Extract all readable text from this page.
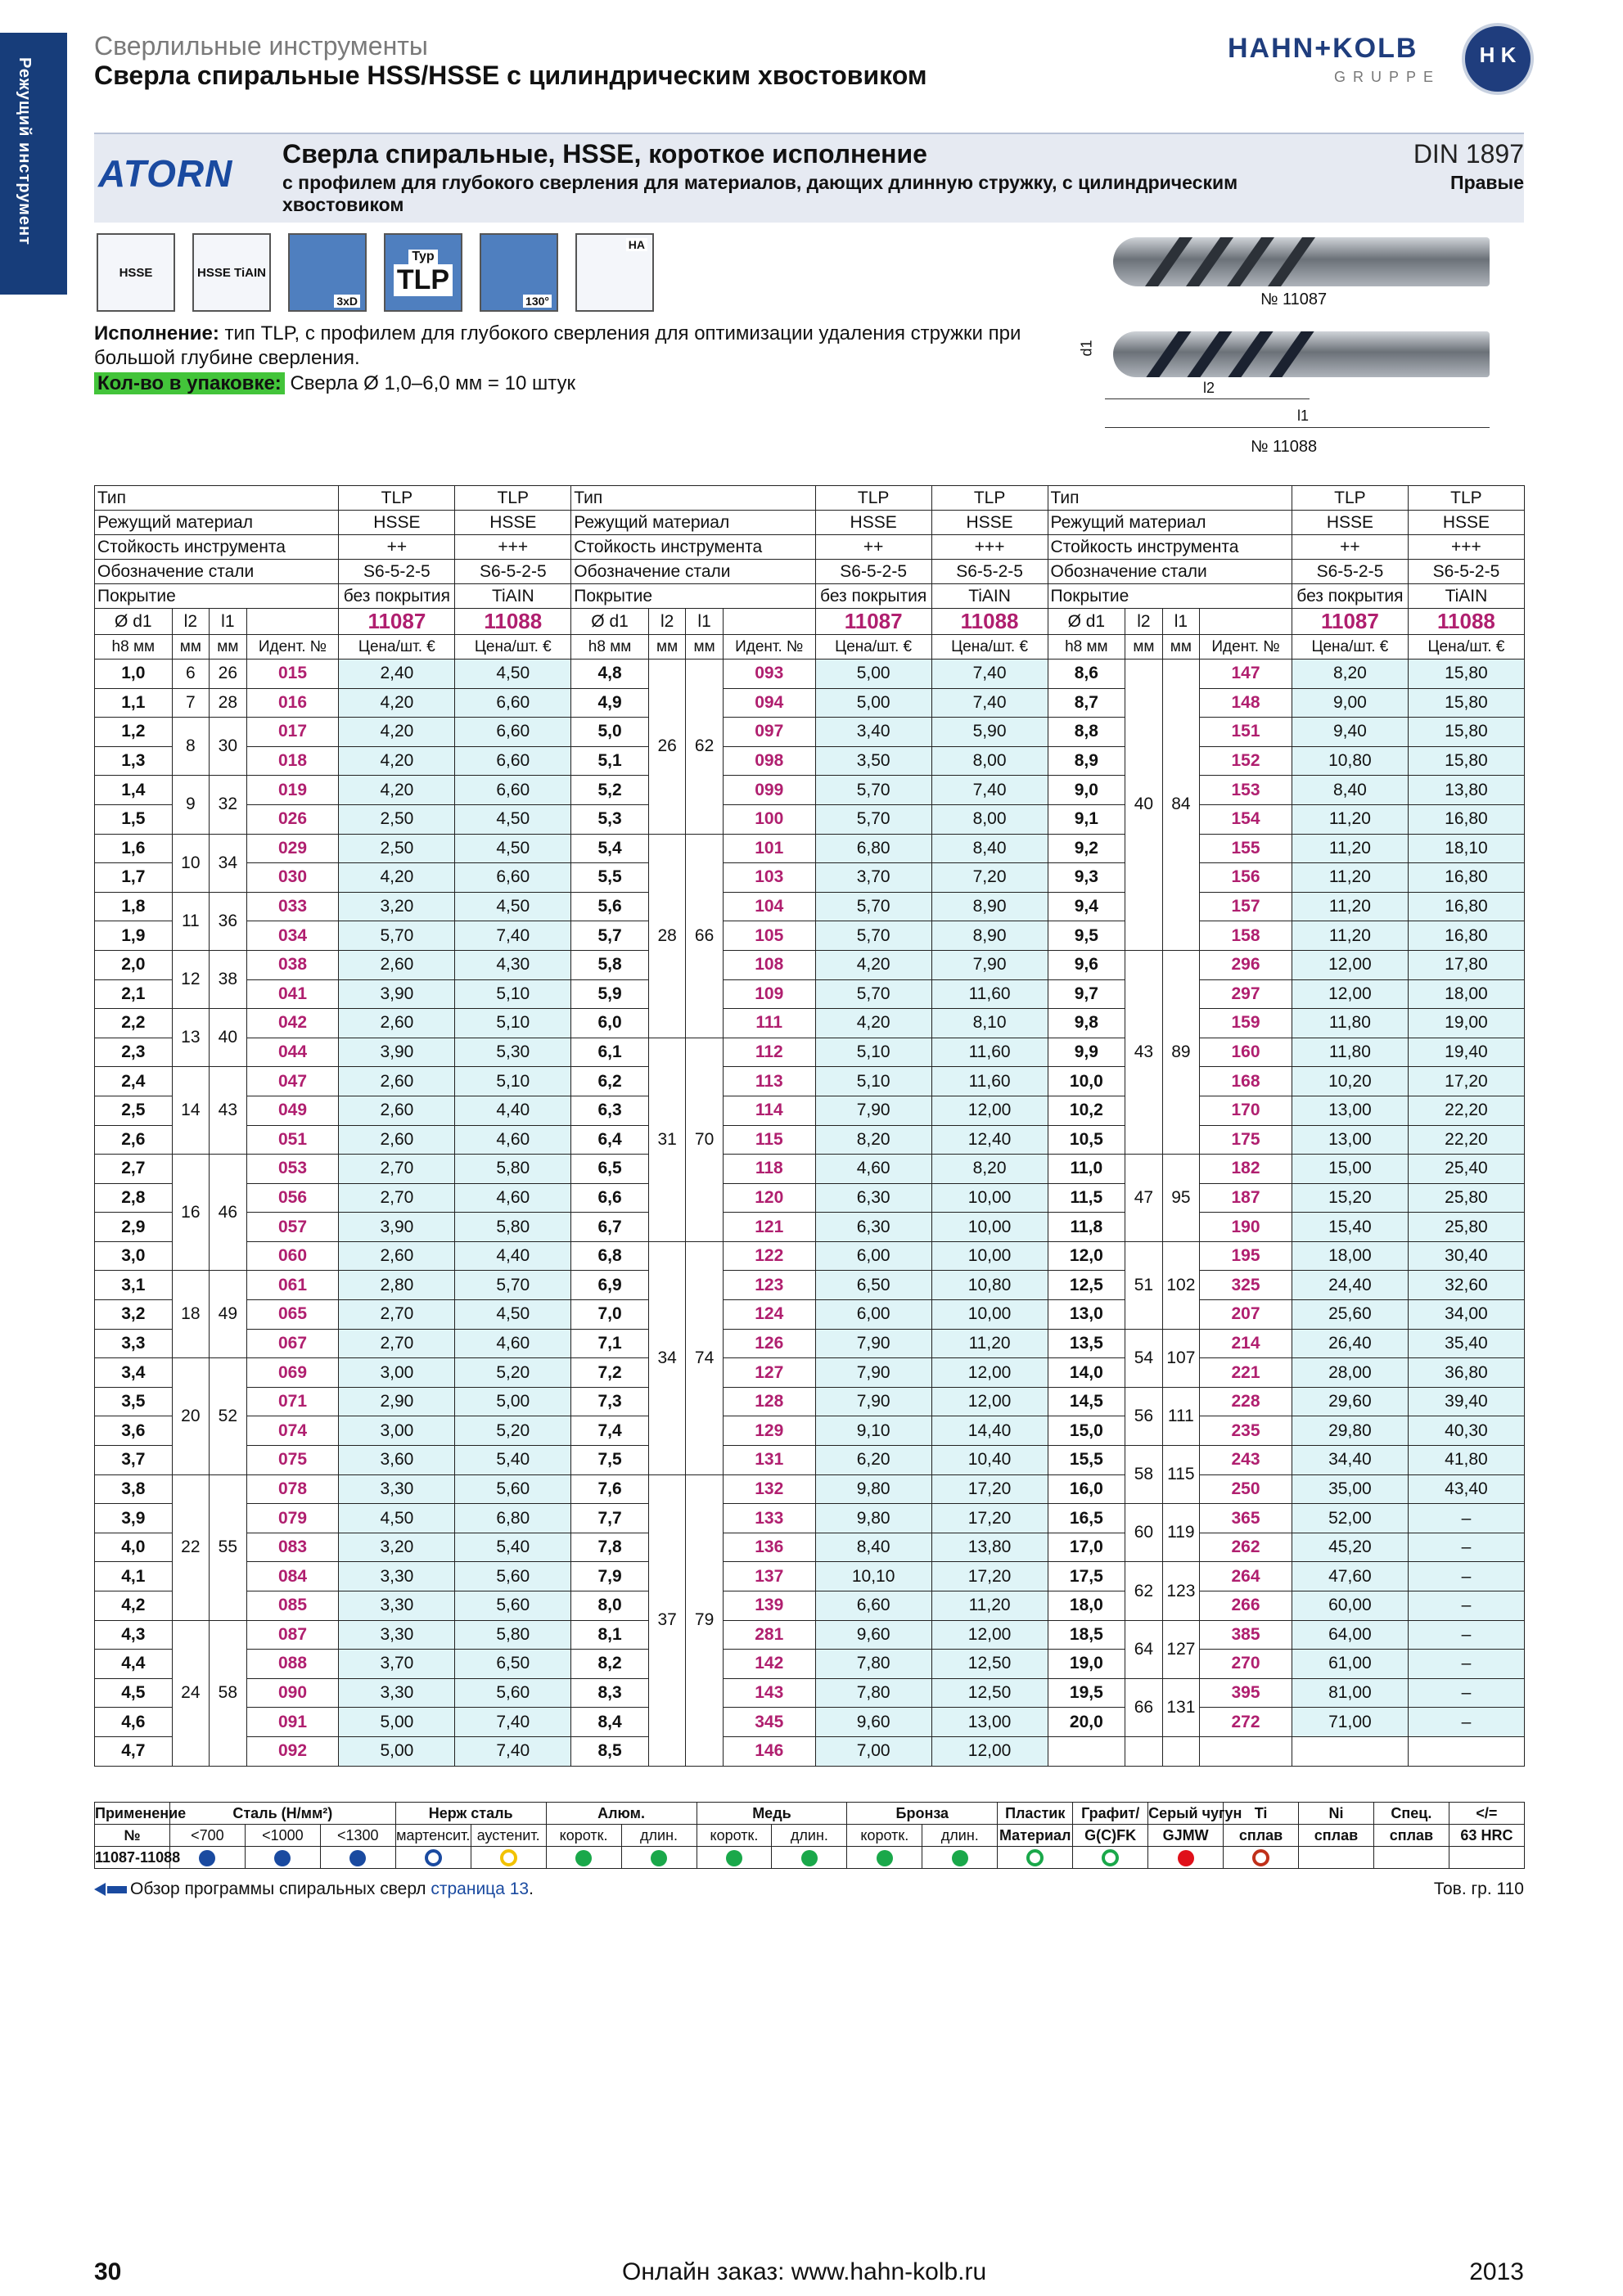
Режущий инструмент
Сверлильные инструменты
Сверла спиральные HSS/HSSE с цилиндрическим хвостовиком
HAHN+KOLB
GRUPPE
H K
ATORN Сверла спиральные, HSSE, короткое исполнение
с профилем для глубокого сверления для материалов, дающих длинную стружку, с цилиндрическим хвостовиком
DIN 1897
Правые
HSSE	HSSE TiAIN
3xD
Typ
TLP
130°
HA
Исполнение: тип TLP, с профилем для глубокого сверления для оптимизации удаления стружки при большой глубине сверления.
Кол-во в упаковке: Сверла Ø 1,0–6,0 мм = 10 штук
№ 11087
d1
l2
l1
№ 11088
Тип				TLP	TLP	Тип				TLP	TLP	Тип				TLP	TLP
Режущий материал				HSSE	HSSE	Режущий материал				HSSE	HSSE	Режущий материал				HSSE	HSSE
Стойкость инструмента				++	+++	Стойкость инструмента				++	+++	Стойкость инструмента				++	+++
Обозначение стали				S6-5-2-5	S6-5-2-5	Обозначение стали				S6-5-2-5	S6-5-2-5	Обозначение стали				S6-5-2-5	S6-5-2-5
Покрытие				без покрытия	TiAIN	Покрытие				без покрытия	TiAIN	Покрытие				без покрытия	TiAIN
Ø d1	l2	l1		11087	11088	Ø d1	l2	l1		11087	11088	Ø d1	l2	l1		11087	11088
h8 мм	мм	мм	Идент. №	Цена/шт. €	Цена/шт. €	h8 мм	мм	мм	Идент. №	Цена/шт. €	Цена/шт. €	h8 мм	мм	мм	Идент. №	Цена/шт. €	Цена/шт. €
1,0	6	26	015	2,40	4,50	4,8	26	62	093	5,00	7,40	8,6	40	84	147	8,20	15,80
1,1	7	28	016	4,20	6,60	4,9			094	5,00	7,40	8,7			148	9,00	15,80
1,2	8	30	017	4,20	6,60	5,0			097	3,40	5,90	8,8			151	9,40	15,80
1,3			018	4,20	6,60	5,1			098	3,50	8,00	8,9			152	10,80	15,80
1,4	9	32	019	4,20	6,60	5,2			099	5,70	7,40	9,0			153	8,40	13,80
1,5			026	2,50	4,50	5,3			100	5,70	8,00	9,1			154	11,20	16,80
1,6	10	34	029	2,50	4,50	5,4	28	66	101	6,80	8,40	9,2			155	11,20	18,10
1,7			030	4,20	6,60	5,5			103	3,70	7,20	9,3			156	11,20	16,80
1,8	11	36	033	3,20	4,50	5,6			104	5,70	8,90	9,4			157	11,20	16,80
1,9			034	5,70	7,40	5,7			105	5,70	8,90	9,5			158	11,20	16,80
2,0	12	38	038	2,60	4,30	5,8			108	4,20	7,90	9,6	43	89	296	12,00	17,80
2,1			041	3,90	5,10	5,9			109	5,70	11,60	9,7			297	12,00	18,00
2,2	13	40	042	2,60	5,10	6,0			111	4,20	8,10	9,8			159	11,80	19,00
2,3			044	3,90	5,30	6,1	31	70	112	5,10	11,60	9,9			160	11,80	19,40
2,4	14	43	047	2,60	5,10	6,2			113	5,10	11,60	10,0			168	10,20	17,20
2,5			049	2,60	4,40	6,3			114	7,90	12,00	10,2			170	13,00	22,20
2,6			051	2,60	4,60	6,4			115	8,20	12,40	10,5			175	13,00	22,20
2,7	16	46	053	2,70	5,80	6,5			118	4,60	8,20	11,0	47	95	182	15,00	25,40
2,8			056	2,70	4,60	6,6			120	6,30	10,00	11,5			187	15,20	25,80
2,9			057	3,90	5,80	6,7			121	6,30	10,00	11,8			190	15,40	25,80
3,0			060	2,60	4,40	6,8	34	74	122	6,00	10,00	12,0	51	102	195	18,00	30,40
3,1	18	49	061	2,80	5,70	6,9			123	6,50	10,80	12,5			325	24,40	32,60
3,2			065	2,70	4,50	7,0			124	6,00	10,00	13,0			207	25,60	34,00
3,3			067	2,70	4,60	7,1			126	7,90	11,20	13,5	54	107	214	26,40	35,40
3,4	20	52	069	3,00	5,20	7,2			127	7,90	12,00	14,0			221	28,00	36,80
3,5			071	2,90	5,00	7,3			128	7,90	12,00	14,5	56	111	228	29,60	39,40
3,6			074	3,00	5,20	7,4			129	9,10	14,40	15,0			235	29,80	40,30
3,7			075	3,60	5,40	7,5			131	6,20	10,40	15,5	58	115	243	34,40	41,80
3,8	22	55	078	3,30	5,60	7,6	37	79	132	9,80	17,20	16,0			250	35,00	43,40
3,9			079	4,50	6,80	7,7			133	9,80	17,20	16,5	60	119	365	52,00	–
4,0			083	3,20	5,40	7,8			136	8,40	13,80	17,0			262	45,20	–
4,1			084	3,30	5,60	7,9			137	10,10	17,20	17,5	62	123	264	47,60	–
4,2			085	3,30	5,60	8,0			139	6,60	11,20	18,0			266	60,00	–
4,3	24	58	087	3,30	5,80	8,1			281	9,60	12,00	18,5	64	127	385	64,00	–
4,4			088	3,70	6,50	8,2			142	7,80	12,50	19,0			270	61,00	–
4,5			090	3,30	5,60	8,3			143	7,80	12,50	19,5	66	131	395	81,00	–
4,6			091	5,00	7,40	8,4			345	9,60	13,00	20,0			272	71,00	–
4,7			092	5,00	7,40	8,5			146	7,00	12,00						
Применение	Сталь (Н/мм²)			Нерж сталь		Алюм.		Медь		Бронза		Пластик	Графит/	Серый чугун	Ti	Ni	Спец.	</=
№	<700	<1000	<1300	мартенсит.	аустенит.	коротк.	длин.	коротк.	длин.	коротк.	длин.	Материал	G(C)FK	GJMW	сплав	сплав	сплав	63 HRC
11087-11088																		
Обзор программы спиральных сверл страница 13.	Тов. гр. 110
30	Онлайн заказ: www.hahn-kolb.ru	2013
